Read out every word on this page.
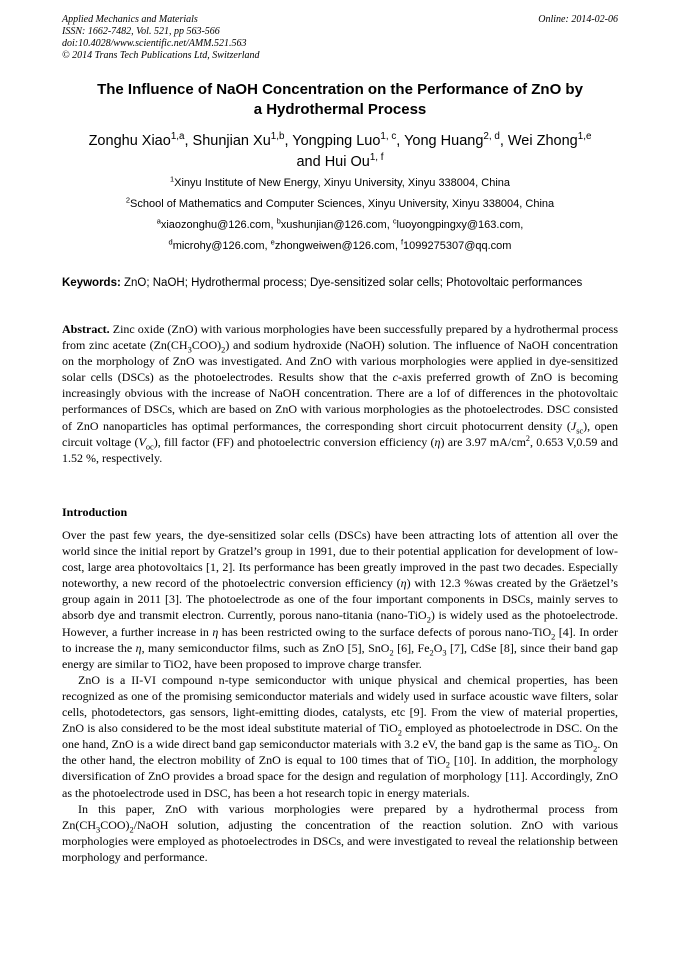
Applied Mechanics and Materials
ISSN: 1662-7482, Vol. 521, pp 563-566
doi:10.4028/www.scientific.net/AMM.521.563
© 2014 Trans Tech Publications Ltd, Switzerland
Online: 2014-02-06
The Influence of NaOH Concentration on the Performance of ZnO by
a Hydrothermal Process
Zonghu Xiao$^{1,a}$, Shunjian Xu$^{1,b}$, Yongping Luo$^{1, c}$, Yong Huang$^{2, d}$, Wei Zhong$^{1,e}$
and Hui Ou$^{1, f}$
$^1$Xinyu Institute of New Energy, Xinyu University, Xinyu 338004, China
$^2$School of Mathematics and Computer Sciences, Xinyu University, Xinyu 338004, China
$^a$xiaozonghu@126.com, $^b$xushunjian@126.com, $^c$luoyongpingxy@163.com,
$^d$microhy@126.com, $^e$zhongweiwen@126.com, $^f$1099275307@qq.com
Keywords: ZnO; NaOH; Hydrothermal process; Dye-sensitized solar cells; Photovoltaic performances
Abstract. Zinc oxide (ZnO) with various morphologies have been successfully prepared by a hydrothermal process from zinc acetate $(Zn(CH_3COO)_2)$ and sodium hydroxide (NaOH) solution. The influence of NaOH concentration on the morphology of ZnO was investigated. And ZnO with various morphologies were applied in dye-sensitized solar cells (DSCs) as the photoelectrodes. Results show that the c-axis preferred growth of ZnO is becoming increasingly obvious with the increase of NaOH concentration. There are a lof of differences in the photovoltaic performances of DSCs, which are based on ZnO with various morphologies as the photoelectrodes. DSC consisted of ZnO nanoparticles has optimal performances, the corresponding short circuit photocurrent density $(J_{sc})$, open circuit voltage $(V_{oc})$, fill factor (FF) and photoelectric conversion efficiency (η) are 3.97 $mA/cm^2$, 0.653 V,0.59 and 1.52 %, respectively.
Introduction

Over the past few years, the dye-sensitized solar cells (DSCs) have been attracting lots of attention all over the world since the initial report by Gratzel’s group in 1991, due to their potential application for development of low-cost, large area photovoltaics [1, 2]. Its performance has been greatly improved in the past two decades. Especially noteworthy, a new record of the photoelectric conversion efficiency (η) with 12.3 %was created by the Gräetzel’s group again in 2011 [3]. The photoelectrode as one of the four important components in DSCs, mainly serves to absorb dye and transmit electron. Currently, porous nano-titania (nano-TiO$_2$) is widely used as the photoelectrode. However, a further increase in η has been restricted owing to the surface defects of porous nano-TiO$_2$ [4]. In order to increase the η, many semiconductor films, such as ZnO [5], SnO$_2$ [6], $Fe_2O_3$ [7], CdSe [8], since their band gap energy are similar to TiO2, have been proposed to improve charge transfer.

ZnO is a II-VI compound n-type semiconductor with unique physical and chemical properties, has been recognized as one of the promising semiconductor materials and widely used in surface acoustic wave filters, solar cells, photodetectors, gas sensors, light-emitting diodes, catalysts, etc [9]. From the view of material properties, ZnO is also considered to be the most ideal substitute material of TiO$_2$ employed as photoelectrode in DSC. On the one hand, ZnO is a wide direct band gap semiconductor materials with 3.2 eV, the band gap is the same as TiO$_2$. On the other hand, the electron mobility of ZnO is equal to 100 times that of TiO$_2$ [10]. In addition, the morphology diversification of ZnO provides a broad space for the design and regulation of morphology [11]. Accordingly, ZnO as the photoelectrode used in DSC, has been a hot research topic in energy materials.

In this paper, ZnO with various morphologies were prepared by a hydrothermal process from $Zn(CH_3COO)_2$/NaOH solution, adjusting the concentration of the reaction solution. ZnO with various morphologies were employed as photoelectrodes in DSCs, and were investigated to reveal the relationship between morphology and performance.
